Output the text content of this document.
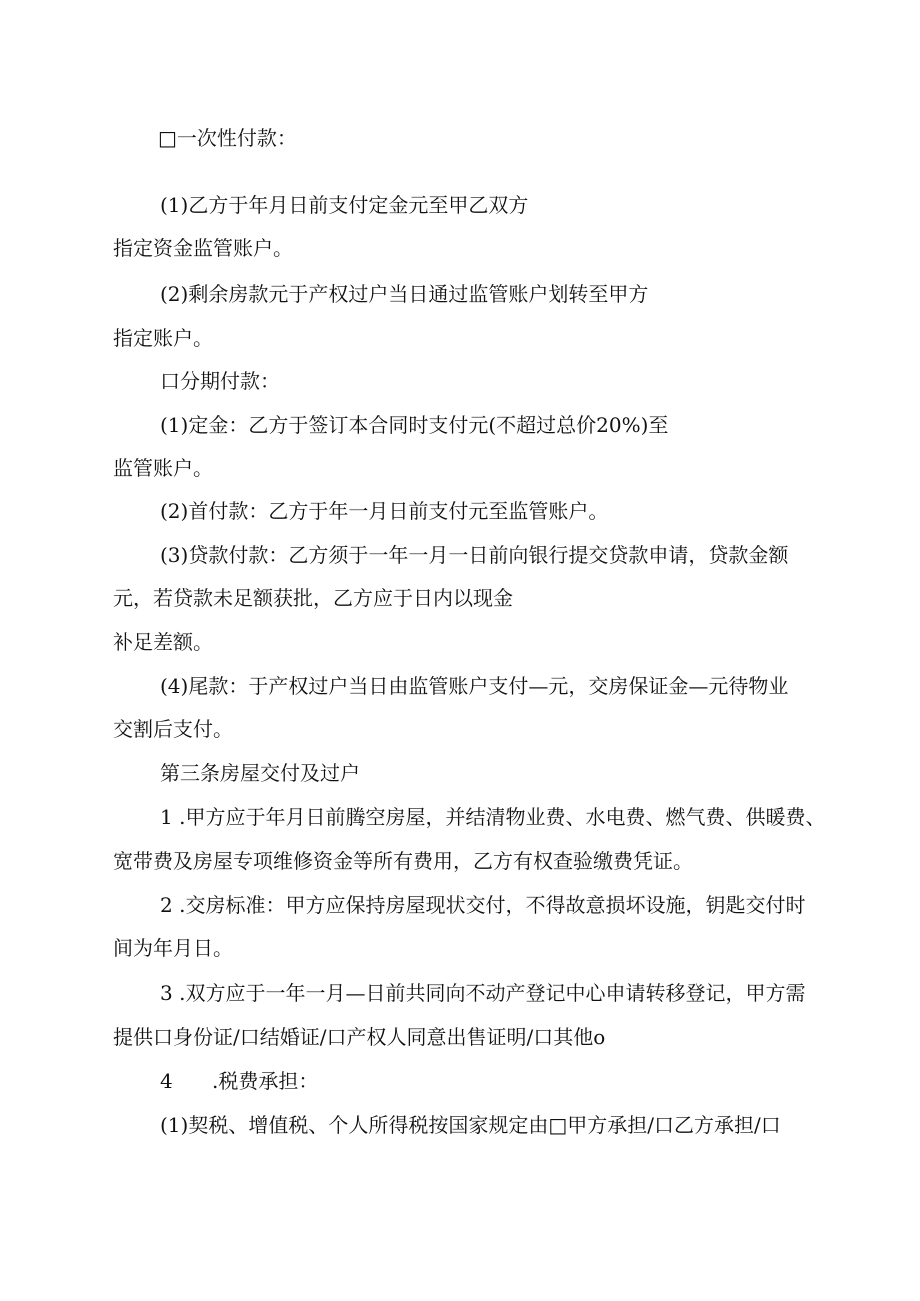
□一次性付款：
(1)乙方于年月日前支付定金元至甲乙双方
指定资金监管账户。
(2)剩余房款元于产权过户当日通过监管账户划转至甲方
指定账户。
口分期付款：
(1)定金：乙方于签订本合同时支付元(不超过总价20%)至
监管账户。
(2)首付款：乙方于年一月日前支付元至监管账户。
(3)贷款付款：乙方须于一年一月一日前向银行提交贷款申请，贷款金额
元，若贷款未足额获批，乙方应于日内以现金
补足差额。
(4)尾款：于产权过户当日由监管账户支付—元，交房保证金—元待物业
交割后支付。
第三条房屋交付及过户
1 .甲方应于年月日前腾空房屋，并结清物业费、水电费、燃气费、供暖费、
宽带费及房屋专项维修资金等所有费用，乙方有权查验缴费凭证。
2 .交房标准：甲方应保持房屋现状交付，不得故意损坏设施，钥匙交付时
间为年月日。
3 .双方应于一年一月—日前共同向不动产登记中心申请转移登记，甲方需
提供口身份证/口结婚证/口产权人同意出售证明/口其他o
4 .税费承担：
(1)契税、增值税、个人所得税按国家规定由□甲方承担/口乙方承担/口
